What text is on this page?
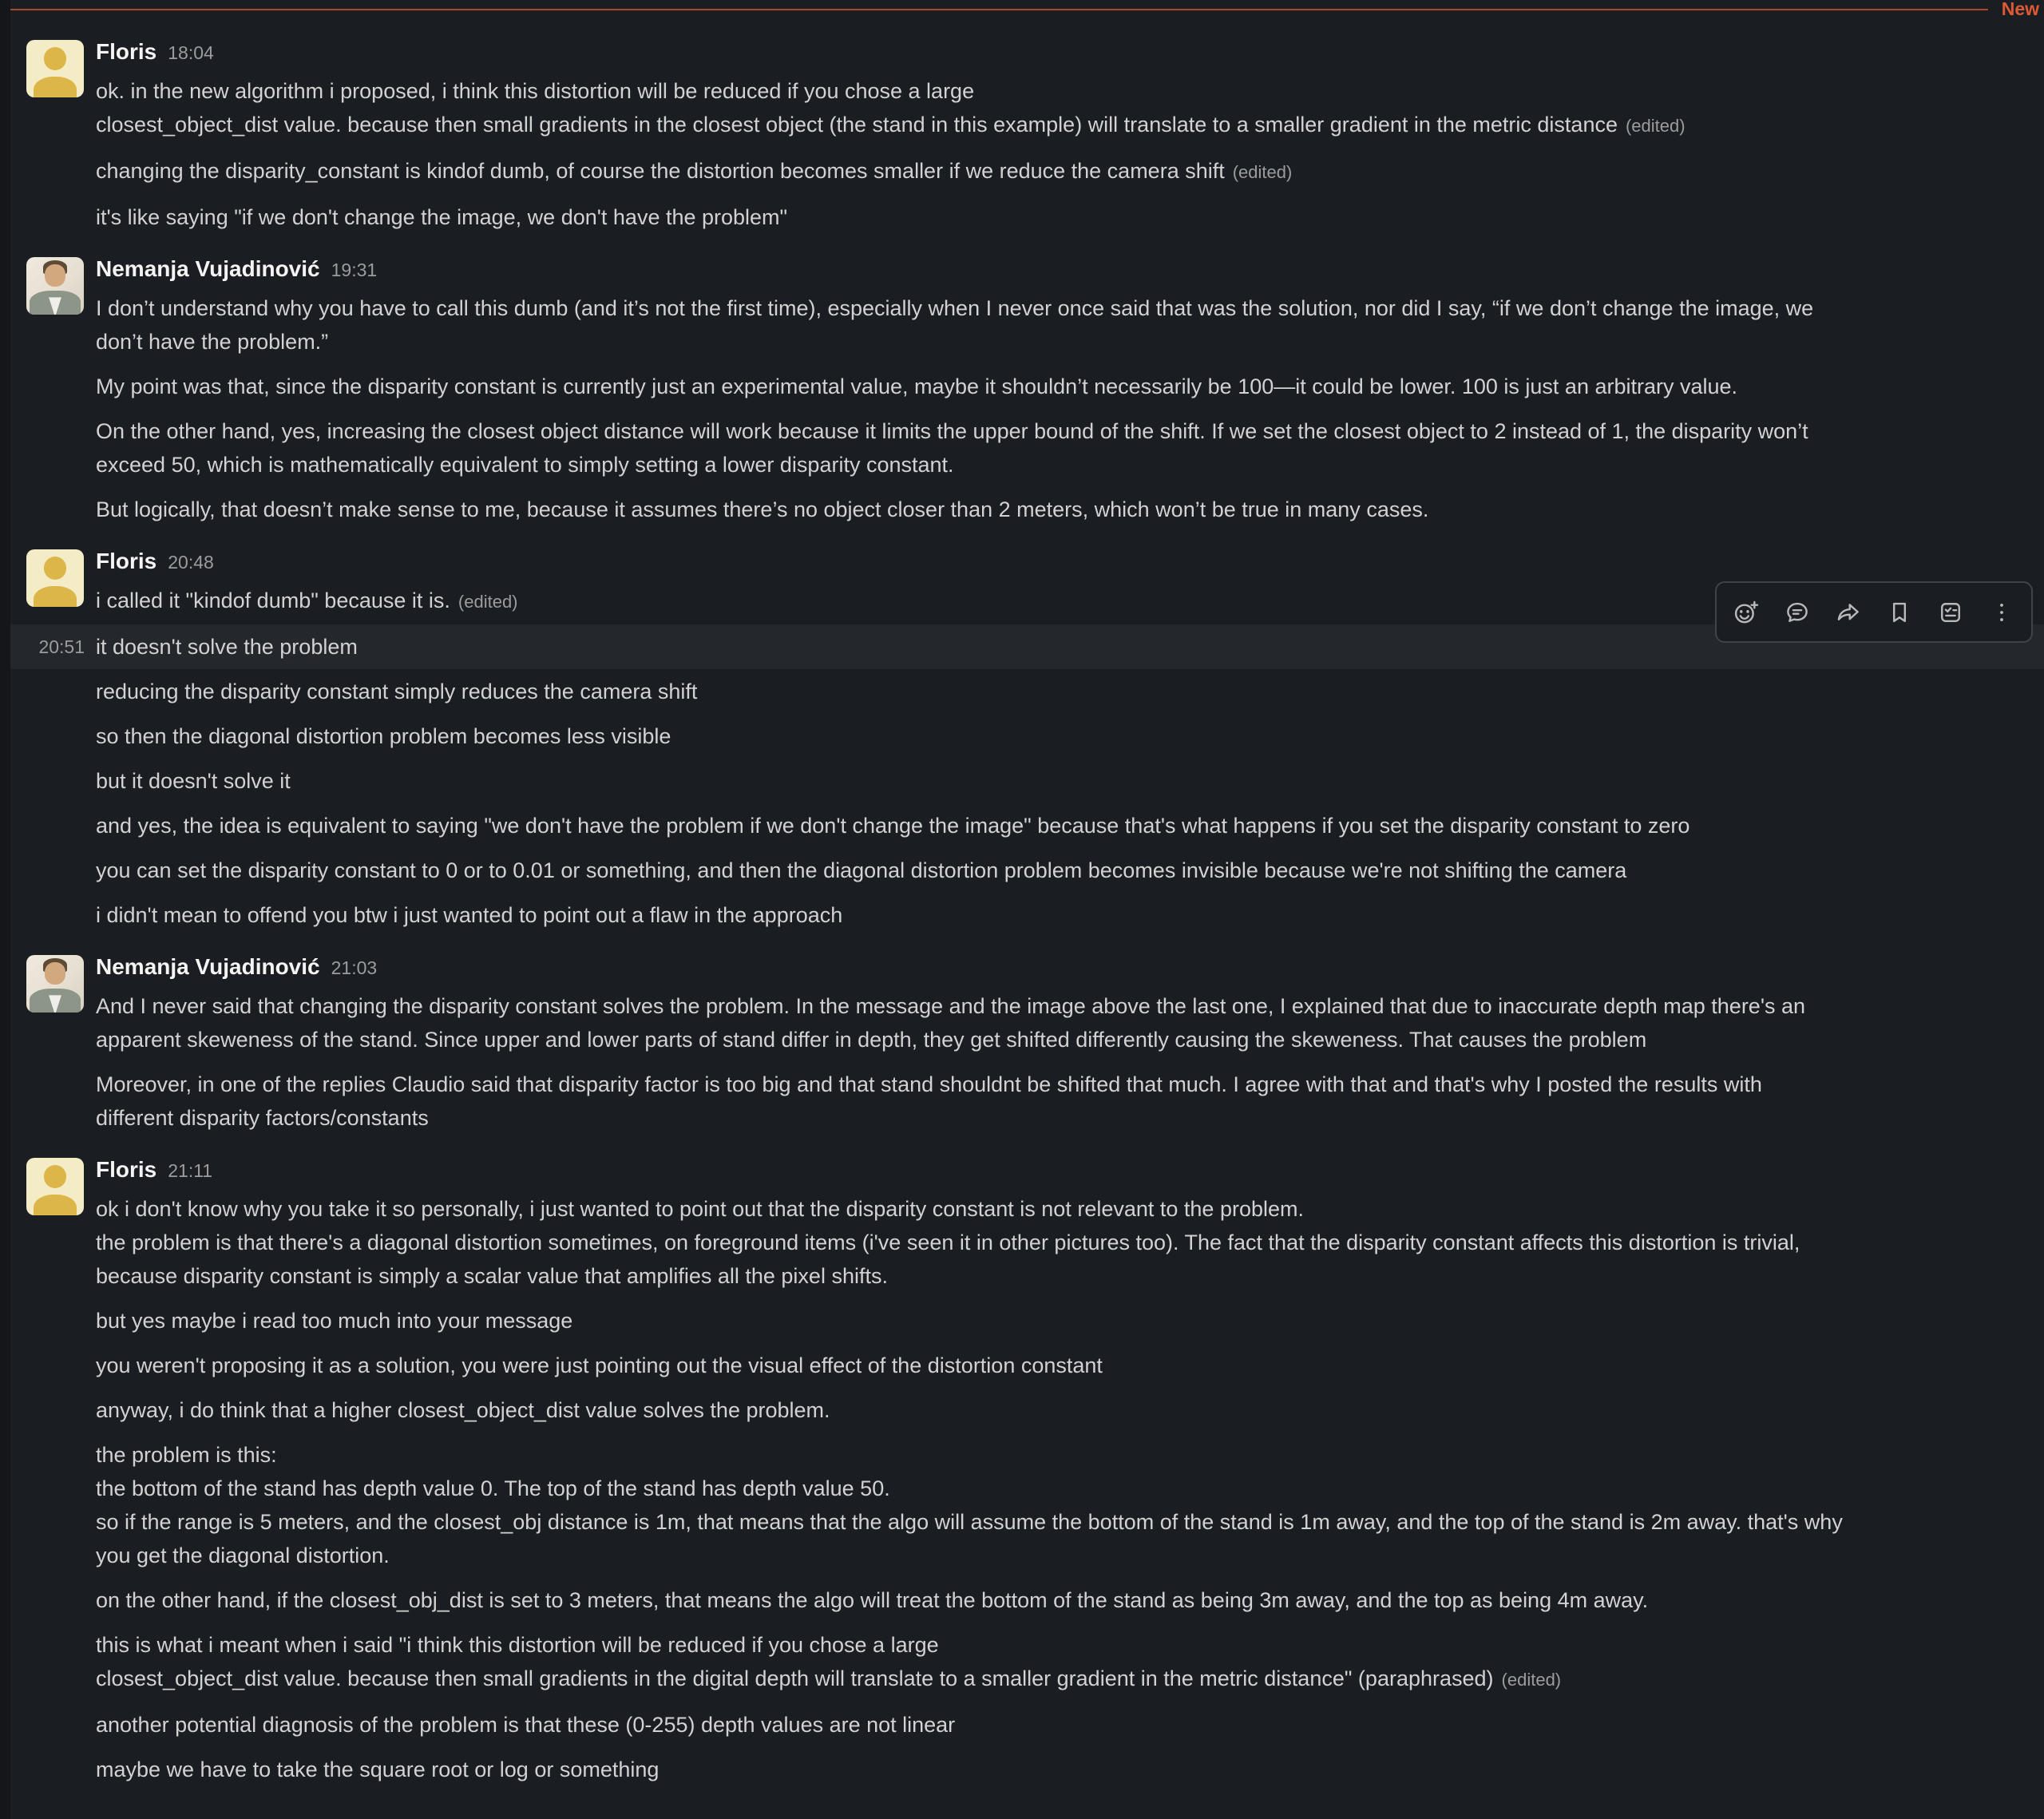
New
Floris 18:04
ok. in the new algorithm i proposed, i think this distortion will be reduced if you chose a large
closest_object_dist value. because then small gradients in the closest object (the stand in this example) will translate to a smaller gradient in the metric distance (edited)
changing the disparity_constant is kindof dumb, of course the distortion becomes smaller if we reduce the camera shift (edited)
it's like saying "if we don't change the image, we don't have the problem"
Nemanja Vujadinović 19:31
I don’t understand why you have to call this dumb (and it’s not the first time), especially when I never once said that was the solution, nor did I say, “if we don’t change the image, we
don’t have the problem.”
My point was that, since the disparity constant is currently just an experimental value, maybe it shouldn’t necessarily be 100—it could be lower. 100 is just an arbitrary value.
On the other hand, yes, increasing the closest object distance will work because it limits the upper bound of the shift. If we set the closest object to 2 instead of 1, the disparity won’t
exceed 50, which is mathematically equivalent to simply setting a lower disparity constant.
But logically, that doesn’t make sense to me, because it assumes there’s no object closer than 2 meters, which won’t be true in many cases.
Floris 20:48
i called it "kindof dumb" because it is. (edited)
20:51 it doesn't solve the problem
reducing the disparity constant simply reduces the camera shift
so then the diagonal distortion problem becomes less visible
but it doesn't solve it
and yes, the idea is equivalent to saying "we don't have the problem if we don't change the image" because that's what happens if you set the disparity constant to zero
you can set the disparity constant to 0 or to 0.01 or something, and then the diagonal distortion problem becomes invisible because we're not shifting the camera
i didn't mean to offend you btw i just wanted to point out a flaw in the approach
Nemanja Vujadinović 21:03
And I never said that changing the disparity constant solves the problem. In the message and the image above the last one, I explained that due to inaccurate depth map there's an
apparent skeweness of the stand. Since upper and lower parts of stand differ in depth, they get shifted differently causing the skeweness. That causes the problem
Moreover, in one of the replies Claudio said that disparity factor is too big and that stand shouldnt be shifted that much. I agree with that and that's why I posted the results with
different disparity factors/constants
Floris 21:11
ok i don't know why you take it so personally, i just wanted to point out that the disparity constant is not relevant to the problem.
the problem is that there's a diagonal distortion sometimes, on foreground items (i've seen it in other pictures too). The fact that the disparity constant affects this distortion is trivial,
because disparity constant is simply a scalar value that amplifies all the pixel shifts.
but yes maybe i read too much into your message
you weren't proposing it as a solution, you were just pointing out the visual effect of the distortion constant
anyway, i do think that a higher closest_object_dist value solves the problem.
the problem is this:
the bottom of the stand has depth value 0. The top of the stand has depth value 50.
so if the range is 5 meters, and the closest_obj distance is 1m, that means that the algo will assume the bottom of the stand is 1m away, and the top of the stand is 2m away. that's why
you get the diagonal distortion.
on the other hand, if the closest_obj_dist is set to 3 meters, that means the algo will treat the bottom of the stand as being 3m away, and the top as being 4m away.
this is what i meant when i said "i think this distortion will be reduced if you chose a large
closest_object_dist value. because then small gradients in the digital depth will translate to a smaller gradient in the metric distance" (paraphrased) (edited)
another potential diagnosis of the problem is that these (0-255) depth values are not linear
maybe we have to take the square root or log or something
